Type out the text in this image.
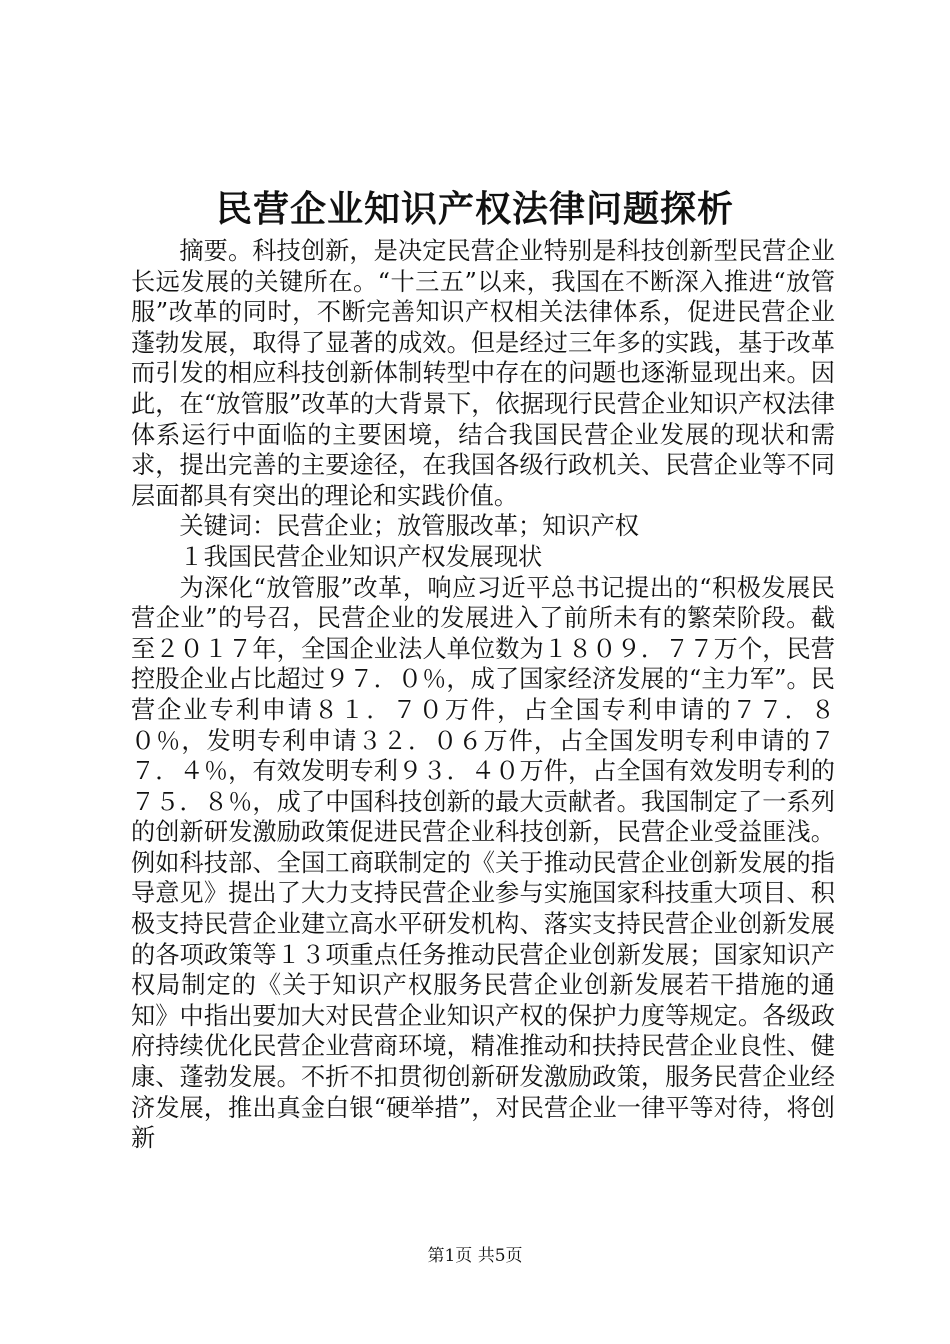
民营企业知识产权法律问题探析

摘要。科技创新，是决定民营企业特别是科技创新型民营企业长远发展的关键所在。“十三五”以来，我国在不断深入推进“放管服”改革的同时，不断完善知识产权相关法律体系，促进民营企业蓬勃发展，取得了显著的成效。但是经过三年多的实践，基于改革而引发的相应科技创新体制转型中存在的问题也逐渐显现出来。因此，在“放管服”改革的大背景下，依据现行民营企业知识产权法律体系运行中面临的主要困境，结合我国民营企业发展的现状和需求，提出完善的主要途径，在我国各级行政机关、民营企业等不同层面都具有突出的理论和实践价值。

关键词：民营企业；放管服改革；知识产权

１我国民营企业知识产权发展现状

为深化“放管服”改革，响应习近平总书记提出的“积极发展民营企业”的号召，民营企业的发展进入了前所未有的繁荣阶段。截至２０１７年，全国企业法人单位数为１８０９．７７万个，民营控股企业占比超过９７．０％，成了国家经济发展的“主力军”。民营企业专利申请８１．７０万件，占全国专利申请的７７．８０％，发明专利申请３２．０６万件，占全国发明专利申请的７７．４％，有效发明专利９３．４０万件，占全国有效发明专利的７５．８％，成了中国科技创新的最大贡献者。我国制定了一系列的创新研发激励政策促进民营企业科技创新，民营企业受益匪浅。例如科技部、全国工商联制定的《关于推动民营企业创新发展的指导意见》提出了大力支持民营企业参与实施国家科技重大项目、积极支持民营企业建立高水平研发机构、落实支持民营企业创新发展的各项政策等１３项重点任务推动民营企业创新发展；国家知识产权局制定的《关于知识产权服务民营企业创新发展若干措施的通知》中指出要加大对民营企业知识产权的保护力度等规定。各级政府持续优化民营企业营商环境，精准推动和扶持民营企业良性、健康、蓬勃发展。不折不扣贯彻创新研发激励政策，服务民营企业经济发展，推出真金白银“硬举措”，对民营企业一律平等对待，将创新

第1页 共5页
